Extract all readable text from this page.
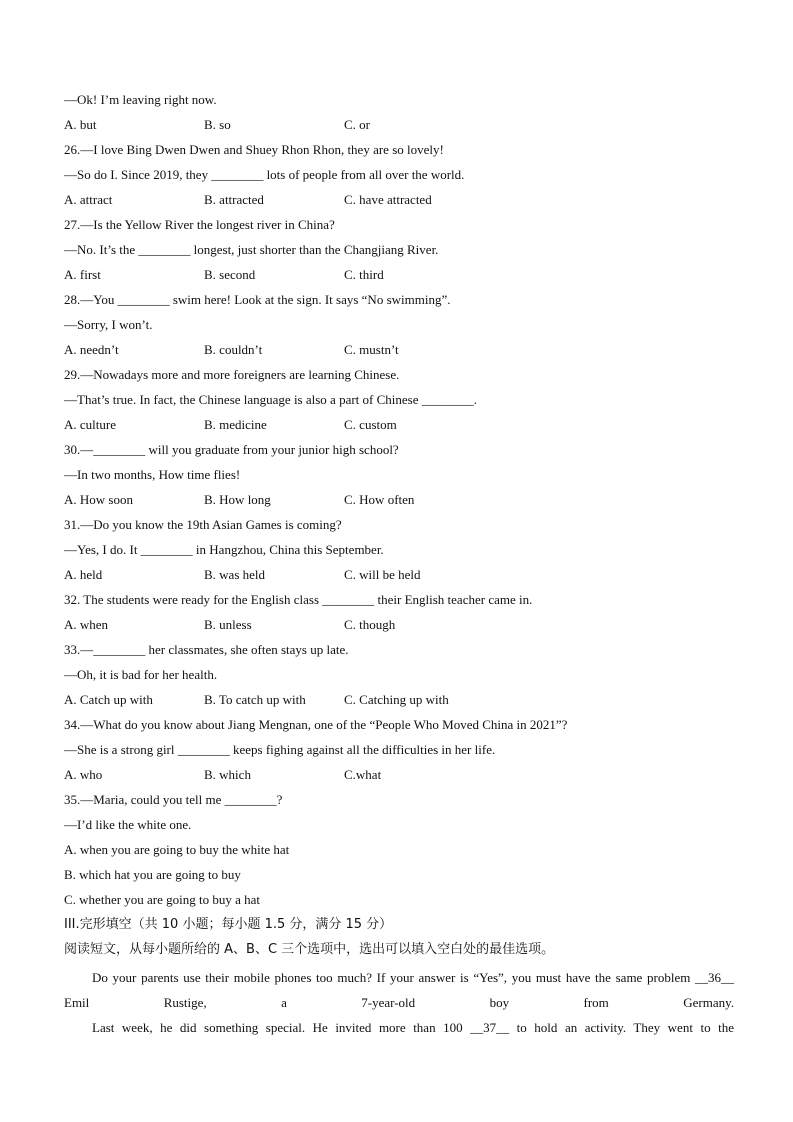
—Ok! I’m leaving right now.
A. but	B. so	C. or
26.—I love Bing Dwen Dwen and Shuey Rhon Rhon, they are so lovely!
—So do I. Since 2019, they ________ lots of people from all over the world.
A. attract	B. attracted	C. have attracted
27.—Is the Yellow River the longest river in China?
—No. It’s the ________ longest, just shorter than the Changjiang River.
A. first	B. second	C. third
28.—You ________ swim here! Look at the sign. It says “No swimming”.
—Sorry, I won’t.
A. needn’t	B. couldn’t	C. mustn’t
29.—Nowadays more and more foreigners are learning Chinese.
—That’s true. In fact, the Chinese language is also a part of Chinese ________.
A. culture	B. medicine	C. custom
30.—________ will you graduate from your junior high school?
—In two months, How time flies!
A. How soon	B. How long	C. How often
31.—Do you know the 19th Asian Games is coming?
—Yes, I do. It ________ in Hangzhou, China this September.
A. held	B. was held	C. will be held
32. The students were ready for the English class ________ their English teacher came in.
A. when	B. unless	C. though
33.—________ her classmates, she often stays up late.
—Oh, it is bad for her health.
A. Catch up with	B. To catch up with	C. Catching up with
34.—What do you know about Jiang Mengnan, one of the “People Who Moved China in 2021”?
—She is a strong girl ________ keeps fighing against all the difficulties in her life.
A. who	B. which	C.what
35.—Maria, could you tell me ________?
—I’d like the white one.
A. when you are going to buy the white hat
B. which hat you are going to buy
C. whether you are going to buy a hat
III.完形填空（共 10 小题；每小题 1.5 分，满分 15 分）
阅读短文，从每小题所给的 A、B、C 三个选项中，选出可以填入空白处的最佳选项。
Do your parents use their mobile phones too much? If your answer is “Yes”, you must have the same problem __36__ Emil Rustige, a 7-year-old boy from Germany.
Last week, he did something special. He invited more than 100 __37__ to hold an activity. They went to the
